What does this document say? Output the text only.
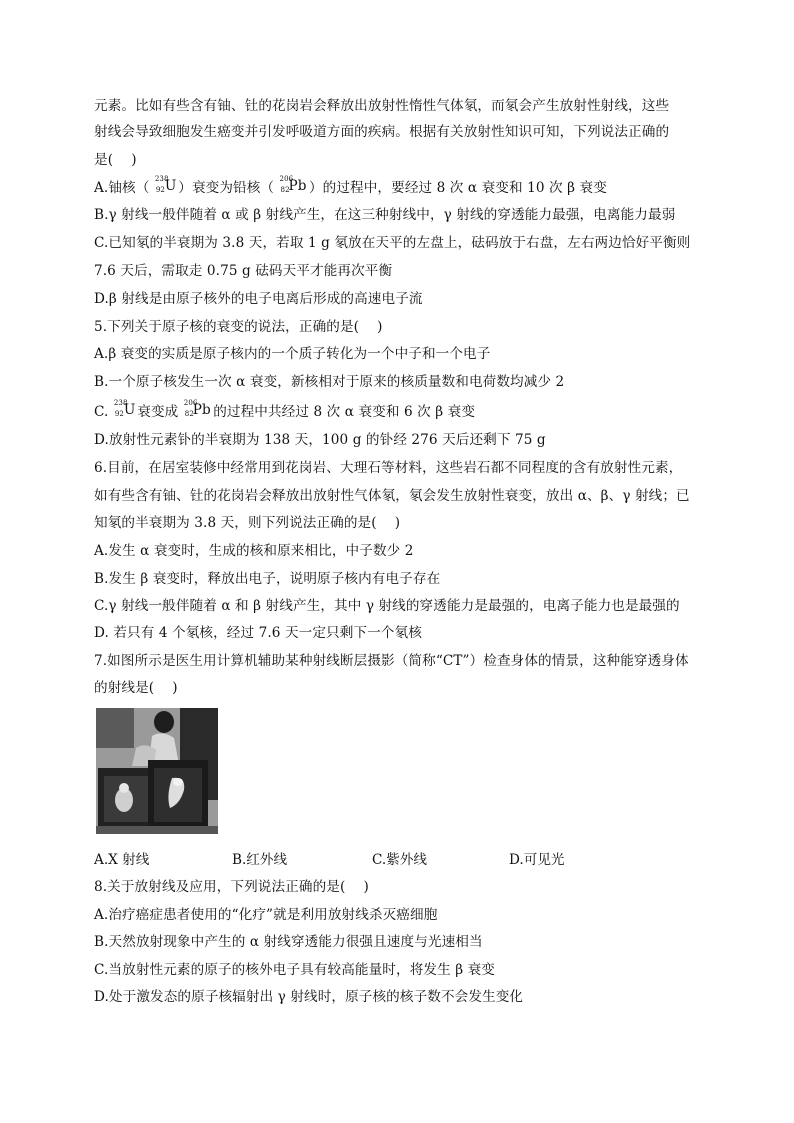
元素。比如有些含有铀、钍的花岗岩会释放出放射性惰性气体氡，而氡会产生放射性射线，这些
射线会导致细胞发生癌变并引发呼吸道方面的疾病。根据有关放射性知识可知，下列说法正确的
是(　 )
A.铀核（
238
92 U ）衰变为铅核（
206
82
Pb ）的过程中，要经过 8 次 α 衰变和 10 次 β 衰变
B.γ 射线一般伴随着 α 或 β 射线产生，在这三种射线中，γ 射线的穿透能力最强，电离能力最弱
C.已知氡的半衰期为 3.8 天，若取 1 g 氡放在天平的左盘上，砝码放于右盘，左右两边恰好平衡则
7.6 天后，需取走 0.75 g 砝码天平才能再次平衡
D.β 射线是由原子核外的电子电离后形成的高速电子流
5.下列关于原子核的衰变的说法，正确的是(　 )
A.β 衰变的实质是原子核内的一个质子转化为一个中子和一个电子
B.一个原子核发生一次 α 衰变，新核相对于原来的核质量数和电荷数均减少 2
C.
238
92 U 衰变成
206
82
Pb 的过程中共经过 8 次 α 衰变和 6 次 β 衰变
D.放射性元素钋的半衰期为 138 天，100 g 的钋经 276 天后还剩下 75 g
6.目前，在居室装修中经常用到花岗岩、大理石等材料，这些岩石都不同程度的含有放射性元素，
如有些含有铀、钍的花岗岩会释放出放射性气体氡，氡会发生放射性衰变，放出 α、β、γ 射线；已
知氡的半衰期为 3.8 天，则下列说法正确的是(　 )
A.发生 α 衰变时，生成的核和原来相比，中子数少 2
B.发生 β 衰变时，释放出电子，说明原子核内有电子存在
C.γ 射线一般伴随着 α 和 β 射线产生，其中 γ 射线的穿透能力是最强的，电离子能力也是最强的
D. 若只有 4 个氡核，经过 7.6 天一定只剩下一个氡核
7.如图所示是医生用计算机辅助某种射线断层摄影（简称“CT”）检查身体的情景，这种能穿透身体
的射线是(　 )
A.X 射线	B.红外线	C.紫外线	D.可见光
8.关于放射线及应用，下列说法正确的是(　 )
A.治疗癌症患者使用的“化疗”就是利用放射线杀灭癌细胞
B.天然放射现象中产生的 α 射线穿透能力很强且速度与光速相当
C.当放射性元素的原子的核外电子具有较高能量时，将发生 β 衰变
D.处于激发态的原子核辐射出 γ 射线时，原子核的核子数不会发生变化
